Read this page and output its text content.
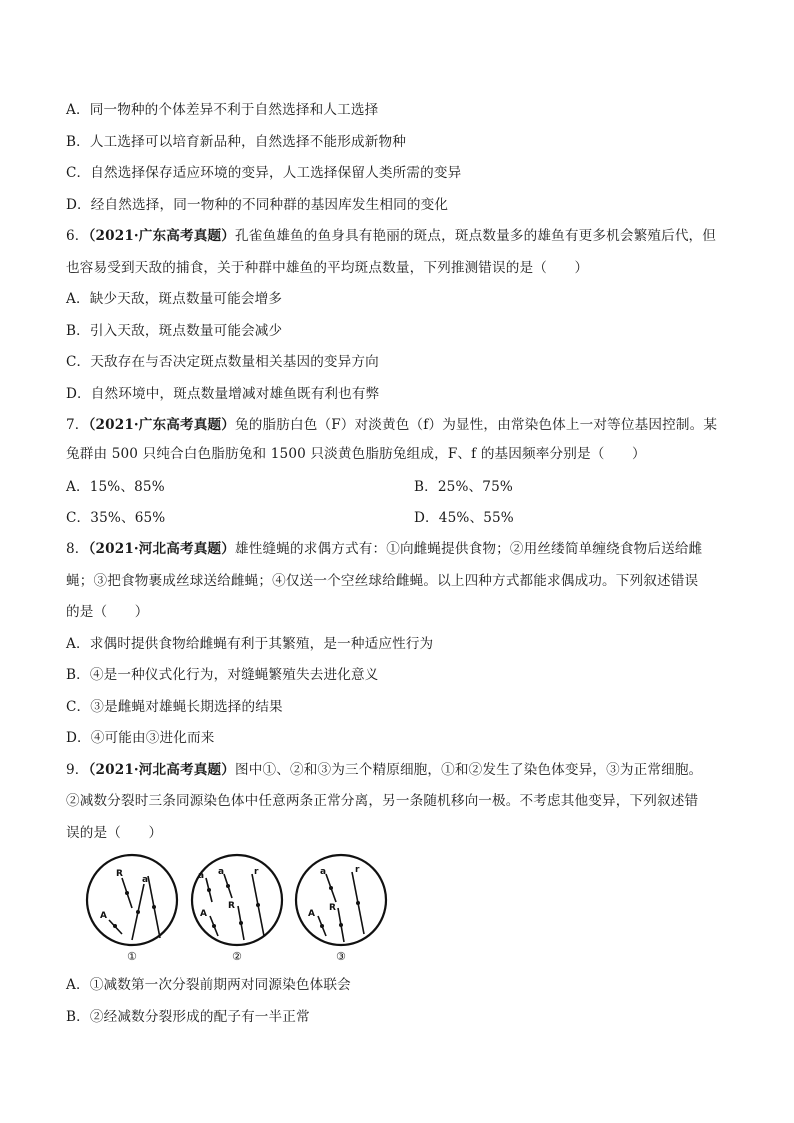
A．同一物种的个体差异不利于自然选择和人工选择
B．人工选择可以培育新品种，自然选择不能形成新物种
C．自然选择保存适应环境的变异，人工选择保留人类所需的变异
D．经自然选择，同一物种的不同种群的基因库发生相同的变化
6．（2021·广东高考真题）孔雀鱼雄鱼的鱼身具有艳丽的斑点，斑点数量多的雄鱼有更多机会繁殖后代，但
也容易受到天敌的捕食，关于种群中雄鱼的平均斑点数量，下列推测错误的是（　　）
A．缺少天敌，斑点数量可能会增多
B．引入天敌，斑点数量可能会减少
C．天敌存在与否决定斑点数量相关基因的变异方向
D．自然环境中，斑点数量增减对雄鱼既有利也有弊
7．（2021·广东高考真题）兔的脂肪白色（F）对淡黄色（f）为显性，由常染色体上一对等位基因控制。某
兔群由 500 只纯合白色脂肪兔和 1500 只淡黄色脂肪兔组成，F、f 的基因频率分别是（　　）
A．15%、85%	B．25%、75%
C．35%、65%	D．45%、55%
8．（2021·河北高考真题）雄性缝蝇的求偶方式有：①向雌蝇提供食物；②用丝缕简单缠绕食物后送给雌
蝇；③把食物裹成丝球送给雌蝇；④仅送一个空丝球给雌蝇。以上四种方式都能求偶成功。下列叙述错误
的是（　　）
A．求偶时提供食物给雌蝇有利于其繁殖，是一种适应性行为
B．④是一种仪式化行为，对缝蝇繁殖失去进化意义
C．③是雌蝇对雄蝇长期选择的结果
D．④可能由③进化而来
9．（2021·河北高考真题）图中①、②和③为三个精原细胞，①和②发生了染色体变异，③为正常细胞。
②减数分裂时三条同源染色体中任意两条正常分离，另一条随机移向一极。不考虑其他变异，下列叙述错
误的是（　　）
A
R
a	a a
A
R
r	a	r
A
R
①	②	③
A．①减数第一次分裂前期两对同源染色体联会
B．②经减数分裂形成的配子有一半正常
